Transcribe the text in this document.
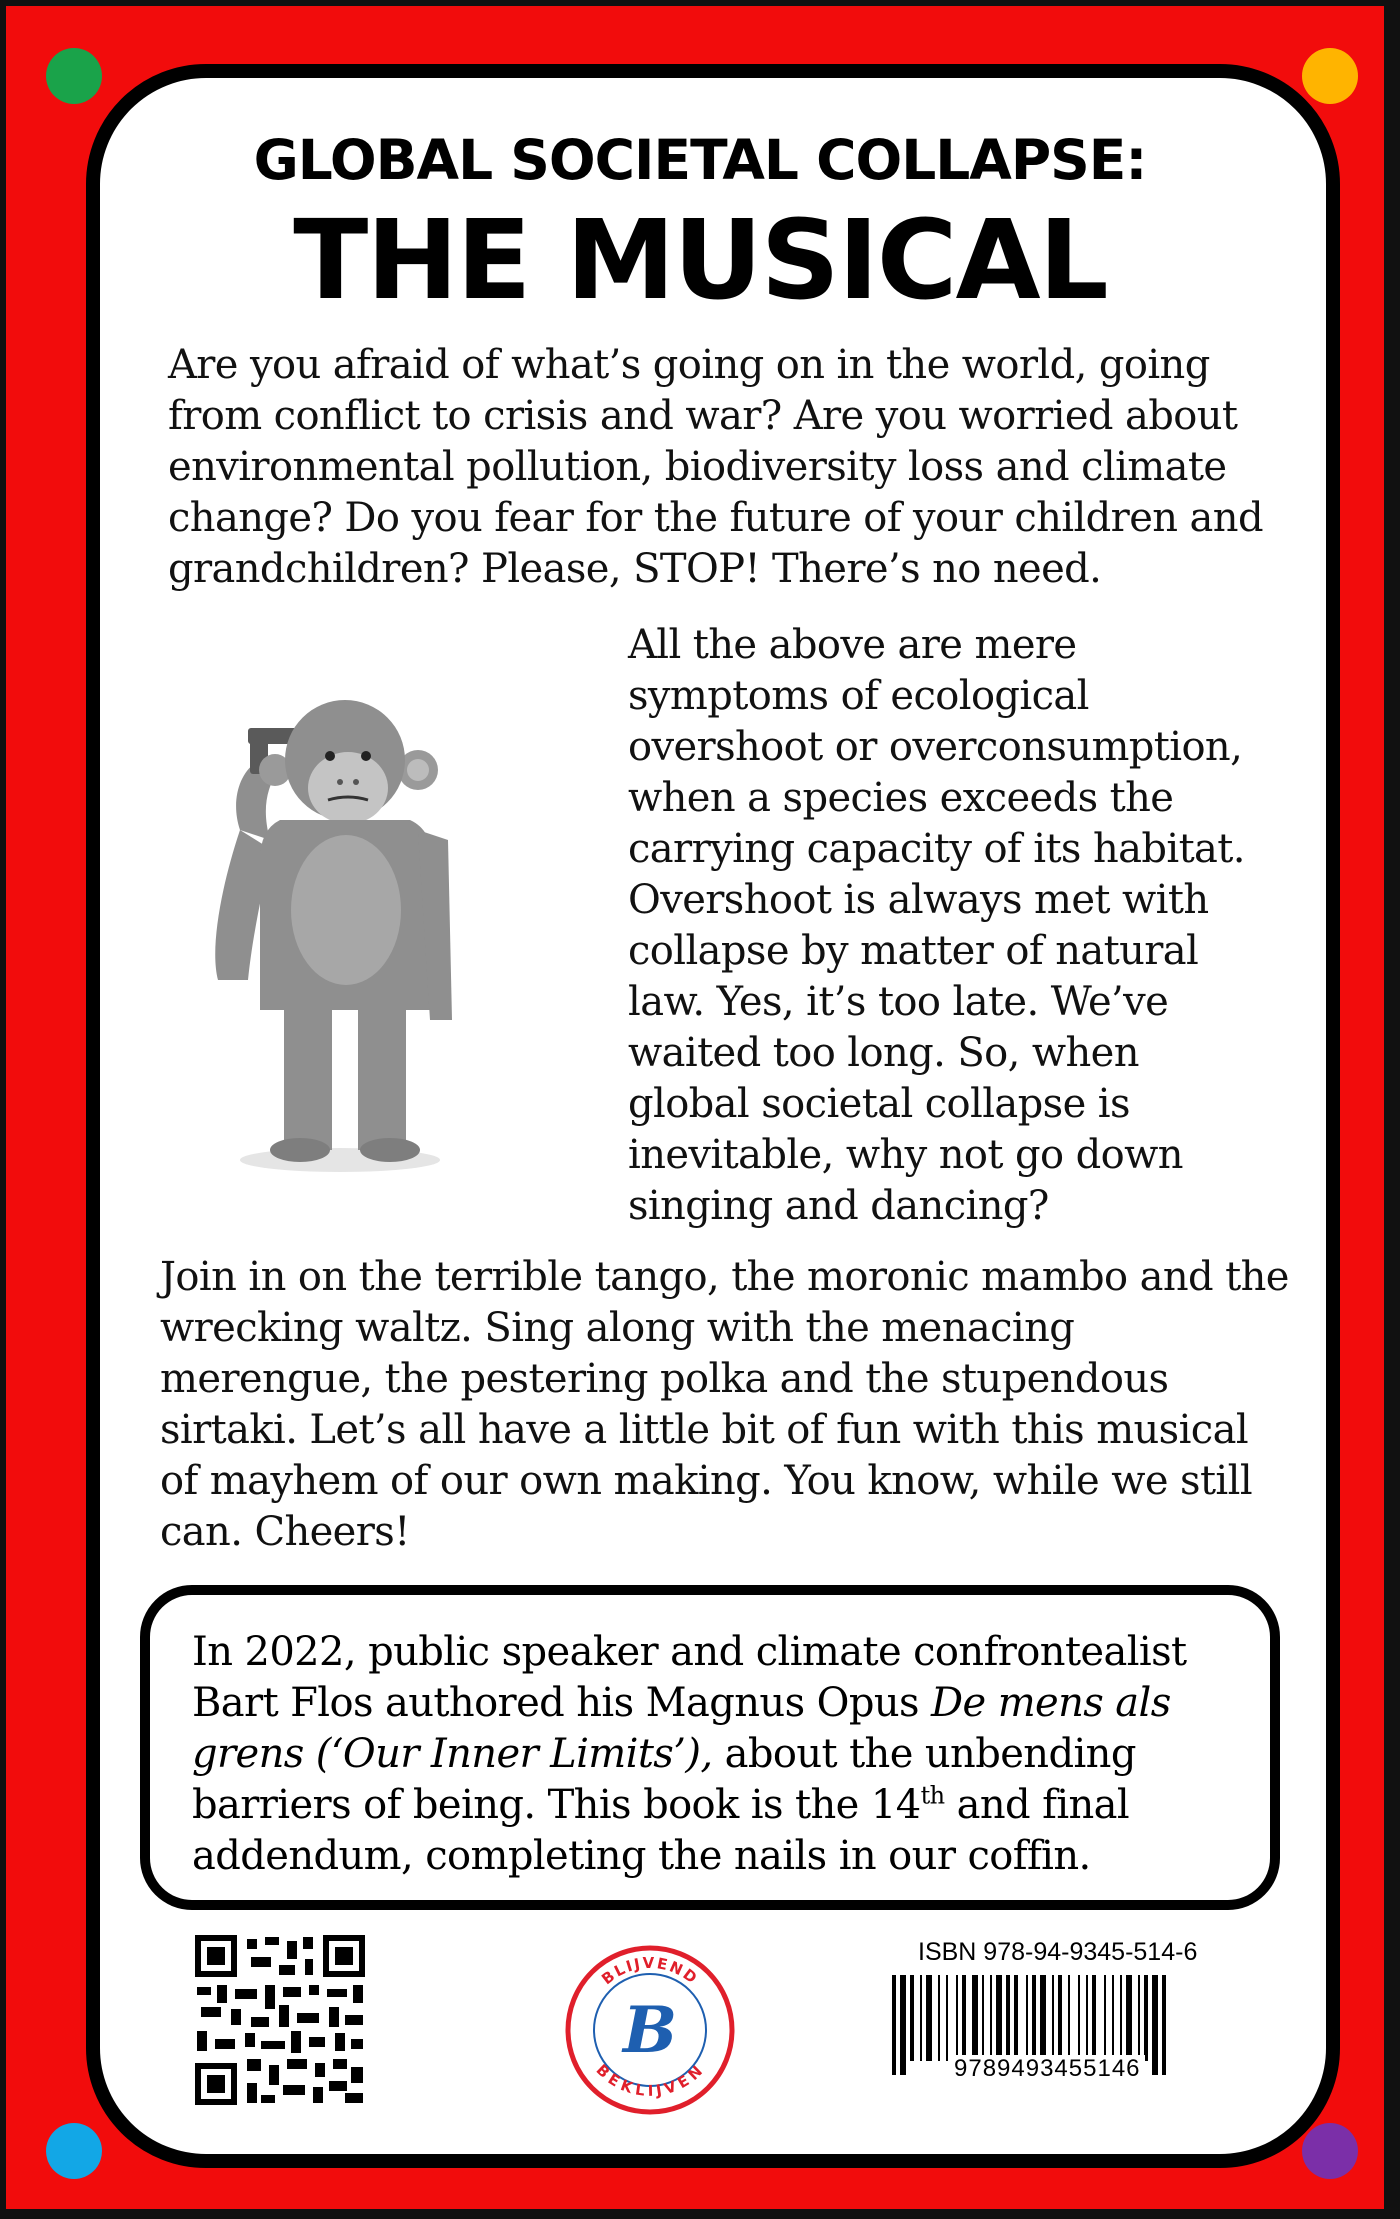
GLOBAL SOCIETAL COLLAPSE:
THE MUSICAL

Are you afraid of what’s going on in the world, going from conflict to crisis and war? Are you worried about environmental pollution, biodiversity loss and climate change? Do you fear for the future of your children and grandchildren? Please, STOP! There’s no need.

All the above are mere symptoms of ecological overshoot or overconsumption, when a species exceeds the carrying capacity of its habitat. Overshoot is always met with collapse by matter of natural law. Yes, it’s too late. We’ve waited too long. So, when global societal collapse is inevitable, why not go down singing and dancing?

Join in on the terrible tango, the moronic mambo and the wrecking waltz. Sing along with the menacing merengue, the pestering polka and the stupendous sirtaki. Let’s all have a little bit of fun with this musical of mayhem of our own making. You know, while we still can. Cheers!

In 2022, public speaker and climate confrontealist Bart Flos authored his Magnus Opus De mens als grens (‘Our Inner Limits’), about the unbending barriers of being. This book is the 14th and final addendum, completing the nails in our coffin.

BLIJVEND
BEKLIJVEN
B
ISBN 978-94-9345-514-6
9789493455146
